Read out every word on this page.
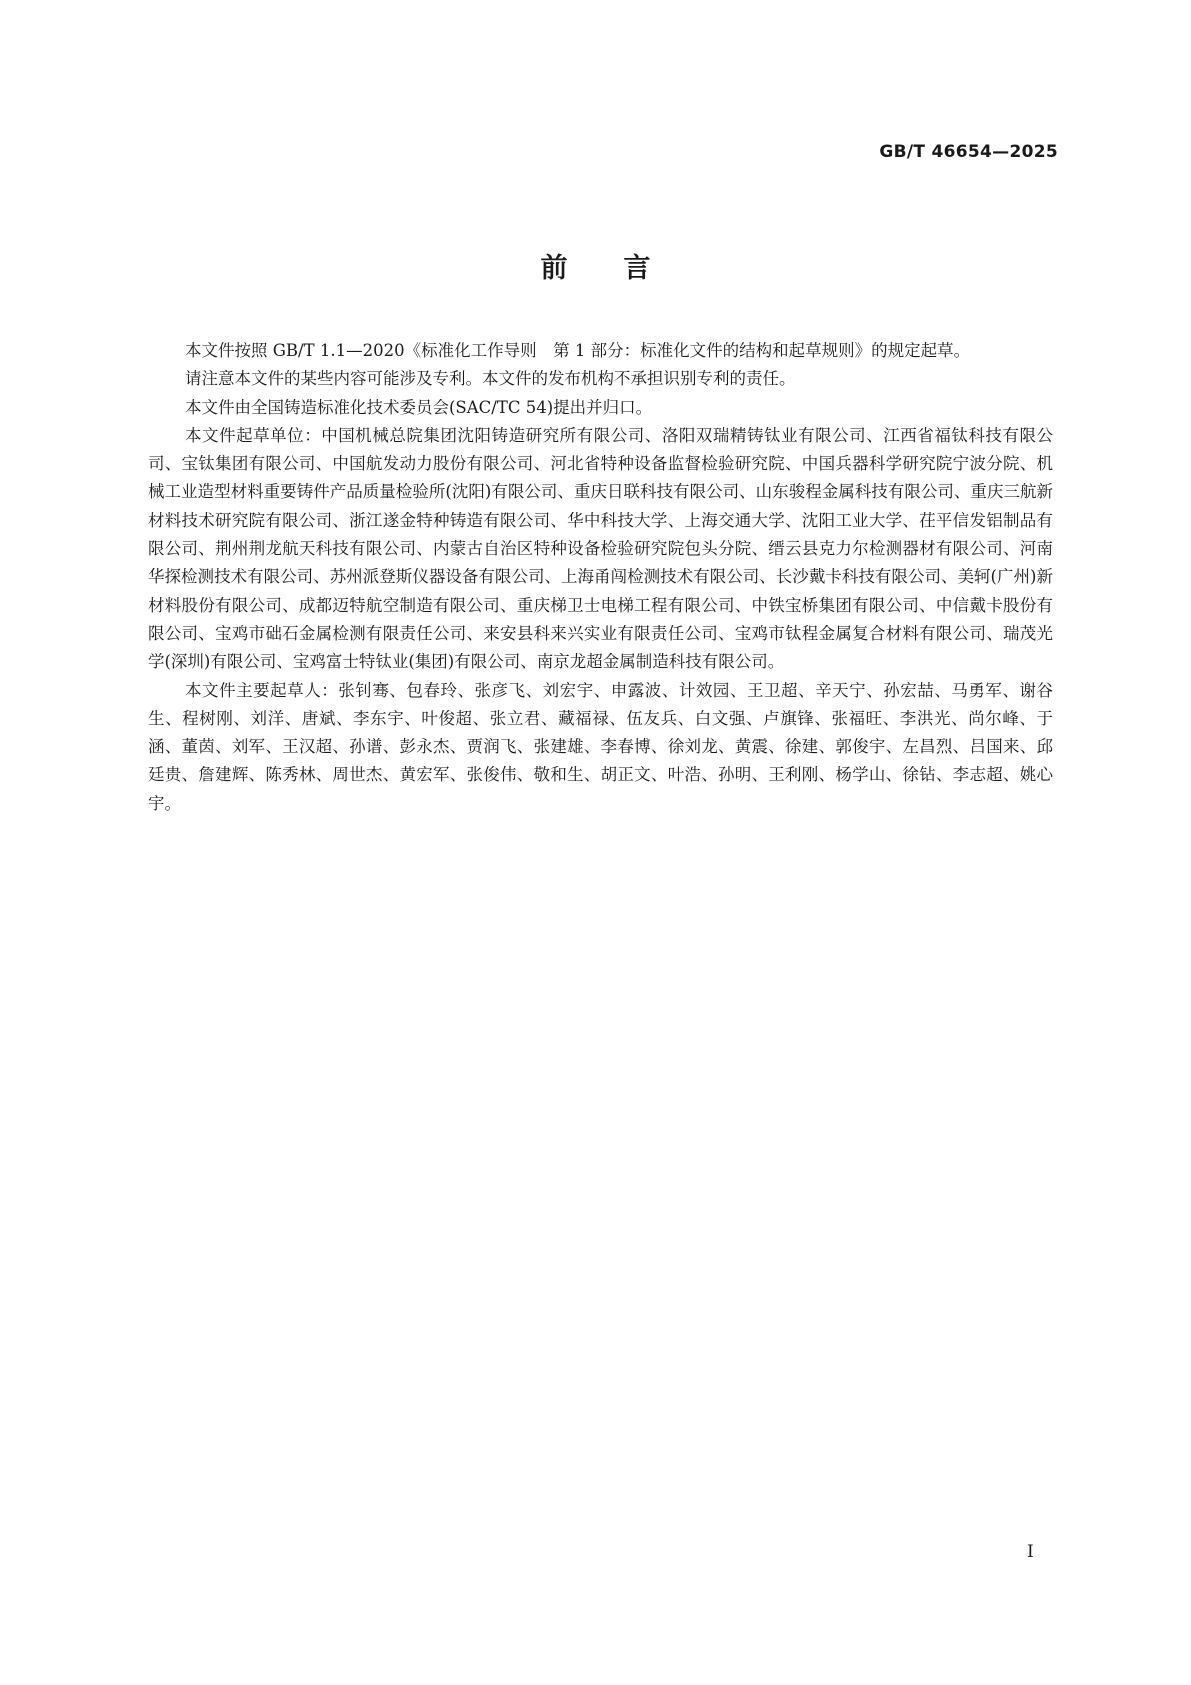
GB/T 46654—2025
前 言

本文件按照 GB/T 1.1—2020《标准化工作导则　第 1 部分：标准化文件的结构和起草规则》的规定起草。

请注意本文件的某些内容可能涉及专利。本文件的发布机构不承担识别专利的责任。

本文件由全国铸造标准化技术委员会(SAC/TC 54)提出并归口。

本文件起草单位：中国机械总院集团沈阳铸造研究所有限公司、洛阳双瑞精铸钛业有限公司、江西省福钛科技有限公司、宝钛集团有限公司、中国航发动力股份有限公司、河北省特种设备监督检验研究院、中国兵器科学研究院宁波分院、机械工业造型材料重要铸件产品质量检验所(沈阳)有限公司、重庆日联科技有限公司、山东骏程金属科技有限公司、重庆三航新材料技术研究院有限公司、浙江遂金特种铸造有限公司、华中科技大学、上海交通大学、沈阳工业大学、茌平信发铝制品有限公司、荆州荆龙航天科技有限公司、内蒙古自治区特种设备检验研究院包头分院、缙云县克力尔检测器材有限公司、河南华探检测技术有限公司、苏州派登斯仪器设备有限公司、上海甬闯检测技术有限公司、长沙戴卡科技有限公司、美轲(广州)新材料股份有限公司、成都迈特航空制造有限公司、重庆梯卫士电梯工程有限公司、中铁宝桥集团有限公司、中信戴卡股份有限公司、宝鸡市础石金属检测有限责任公司、来安县科来兴实业有限责任公司、宝鸡市钛程金属复合材料有限公司、瑞茂光学(深圳)有限公司、宝鸡富士特钛业(集团)有限公司、南京龙超金属制造科技有限公司。

本文件主要起草人：张钊骞、包春玲、张彦飞、刘宏宇、申露波、计效园、王卫超、辛天宁、孙宏喆、马勇军、谢谷生、程树刚、刘洋、唐斌、李东宇、叶俊超、张立君、藏福禄、伍友兵、白文强、卢旗锋、张福旺、李洪光、尚尔峰、于涵、董茵、刘军、王汉超、孙谱、彭永杰、贾润飞、张建雄、李春博、徐刘龙、黄震、徐建、郭俊宇、左昌烈、吕国来、邱廷贵、詹建辉、陈秀林、周世杰、黄宏军、张俊伟、敬和生、胡正文、叶浩、孙明、王利刚、杨学山、徐钻、李志超、姚心宇。

I
